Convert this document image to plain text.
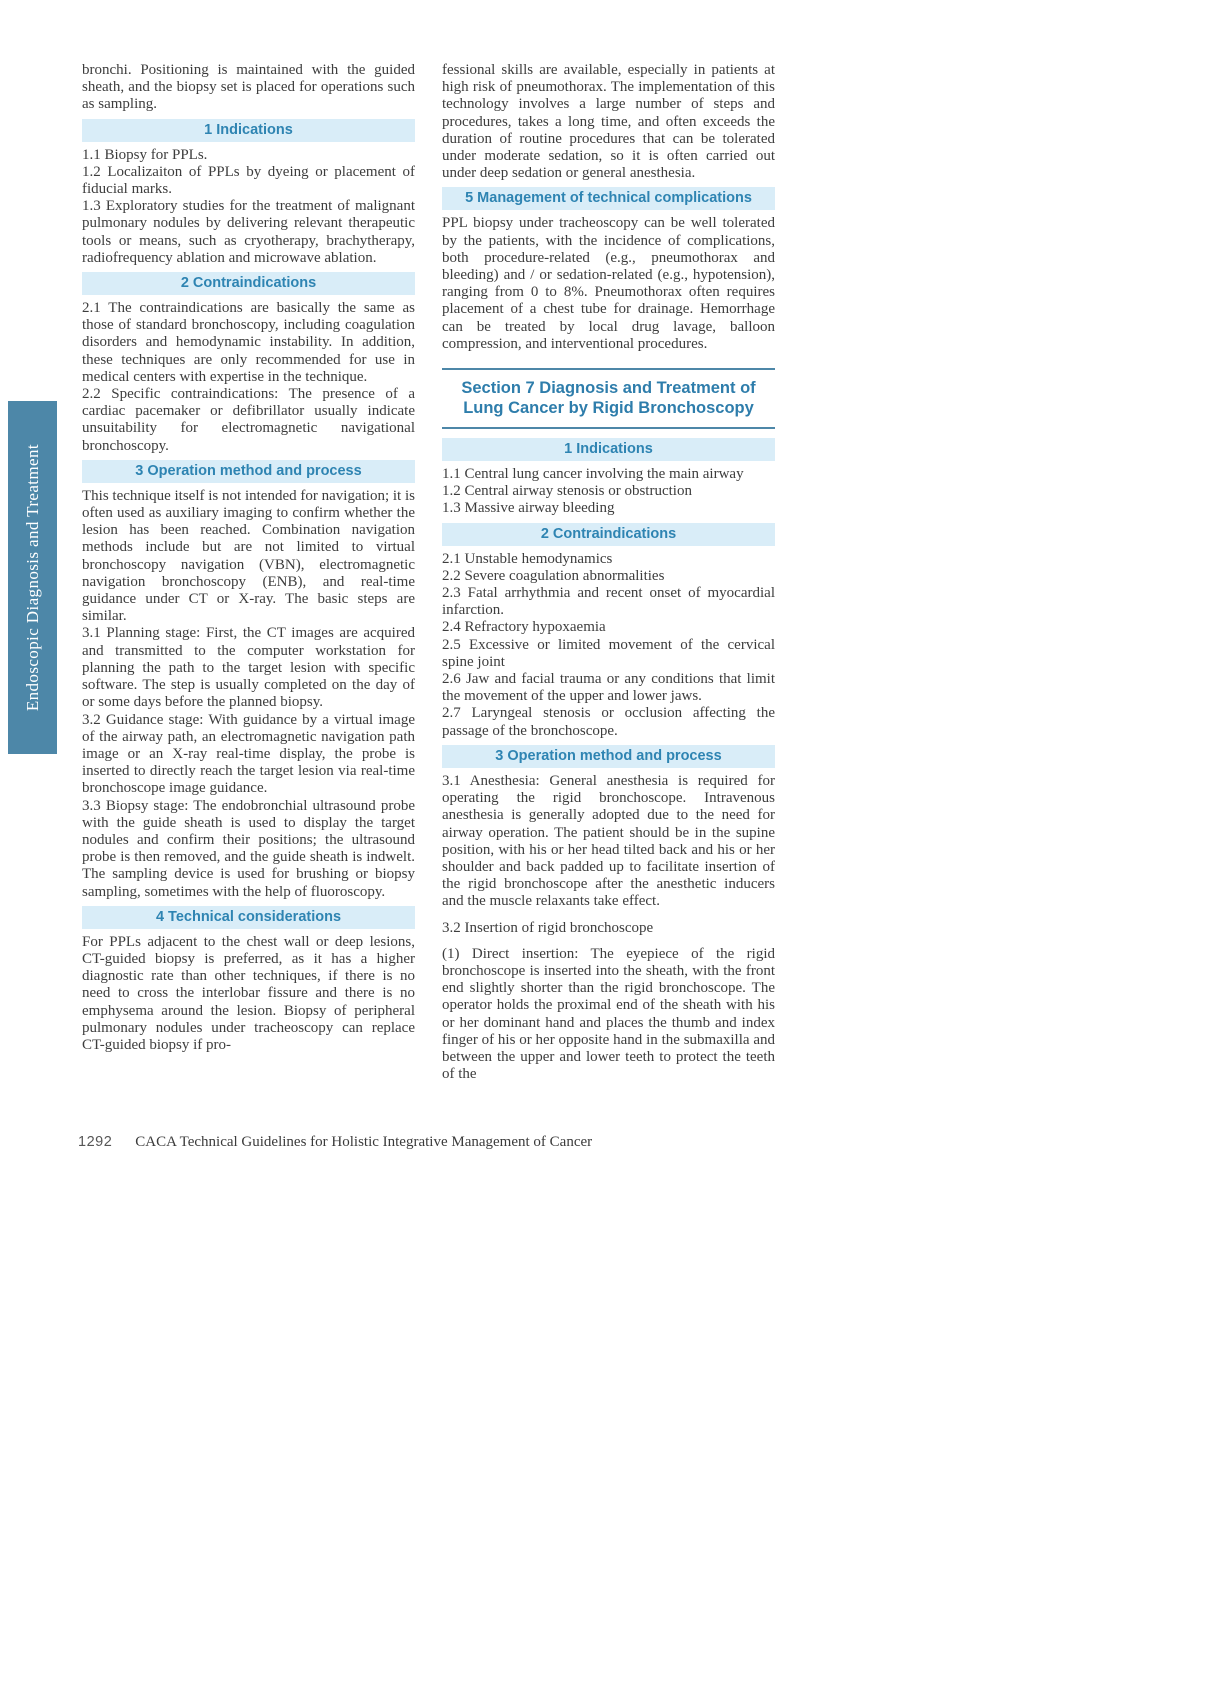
Endoscopic Diagnosis and Treatment

bronchi. Positioning is maintained with the guided sheath, and the biopsy set is placed for operations such as sampling.

1 Indications

1.1 Biopsy for PPLs.

1.2 Localizaiton of PPLs by dyeing or placement of fiducial marks.

1.3 Exploratory studies for the treatment of malignant pulmonary nodules by delivering relevant therapeutic tools or means, such as cryotherapy, brachytherapy, radiofrequency ablation and microwave ablation.

2 Contraindications

2.1 The contraindications are basically the same as those of standard bronchoscopy, including coagulation disorders and hemodynamic instability. In addition, these techniques are only recommended for use in medical centers with expertise in the technique.

2.2 Specific contraindications: The presence of a cardiac pacemaker or defibrillator usually indicate unsuitability for electromagnetic navigational bronchoscopy.

3 Operation method and process

This technique itself is not intended for navigation; it is often used as auxiliary imaging to confirm whether the lesion has been reached. Combination navigation methods include but are not limited to virtual bronchoscopy navigation (VBN), electromagnetic navigation bronchoscopy (ENB), and real-time guidance under CT or X-ray. The basic steps are similar.

3.1 Planning stage: First, the CT images are acquired and transmitted to the computer workstation for planning the path to the target lesion with specific software. The step is usually completed on the day of or some days before the planned biopsy.

3.2 Guidance stage: With guidance by a virtual image of the airway path, an electromagnetic navigation path image or an X-ray real-time display, the probe is inserted to directly reach the target lesion via real-time bronchoscope image guidance.

3.3 Biopsy stage: The endobronchial ultrasound probe with the guide sheath is used to display the target nodules and confirm their positions; the ultrasound probe is then removed, and the guide sheath is indwelt. The sampling device is used for brushing or biopsy sampling, sometimes with the help of fluoroscopy.

4 Technical considerations

For PPLs adjacent to the chest wall or deep lesions, CT-guided biopsy is preferred, as it has a higher diagnostic rate than other techniques, if there is no need to cross the interlobar fissure and there is no emphysema around the lesion. Biopsy of peripheral pulmonary nodules under tracheoscopy can replace CT-guided biopsy if pro-

fessional skills are available, especially in patients at high risk of pneumothorax. The implementation of this technology involves a large number of steps and procedures, takes a long time, and often exceeds the duration of routine procedures that can be tolerated under moderate sedation, so it is often carried out under deep sedation or general anesthesia.

5 Management of technical complications

PPL biopsy under tracheoscopy can be well tolerated by the patients, with the incidence of complications, both procedure-related (e.g., pneumothorax and bleeding) and / or sedation-related (e.g., hypotension), ranging from 0 to 8%. Pneumothorax often requires placement of a chest tube for drainage. Hemorrhage can be treated by local drug lavage, balloon compression, and interventional procedures.

Section 7 Diagnosis and Treatment of Lung Cancer by Rigid Bronchoscopy
1 Indications

1.1 Central lung cancer involving the main airway

1.2 Central airway stenosis or obstruction

1.3 Massive airway bleeding

2 Contraindications

2.1 Unstable hemodynamics

2.2 Severe coagulation abnormalities

2.3 Fatal arrhythmia and recent onset of myocardial infarction.

2.4 Refractory hypoxaemia

2.5 Excessive or limited movement of the cervical spine joint

2.6 Jaw and facial trauma or any conditions that limit the movement of the upper and lower jaws.

2.7 Laryngeal stenosis or occlusion affecting the passage of the bronchoscope.

3 Operation method and process

3.1 Anesthesia: General anesthesia is required for operating the rigid bronchoscope. Intravenous anesthesia is generally adopted due to the need for airway operation. The patient should be in the supine position, with his or her head tilted back and his or her shoulder and back padded up to facilitate insertion of the rigid bronchoscope after the anesthetic inducers and the muscle relaxants take effect.

3.2 Insertion of rigid bronchoscope

(1) Direct insertion: The eyepiece of the rigid bronchoscope is inserted into the sheath, with the front end slightly shorter than the rigid bronchoscope. The operator holds the proximal end of the sheath with his or her dominant hand and places the thumb and index finger of his or her opposite hand in the submaxilla and between the upper and lower teeth to protect the teeth of the

1292 CACA Technical Guidelines for Holistic Integrative Management of Cancer
